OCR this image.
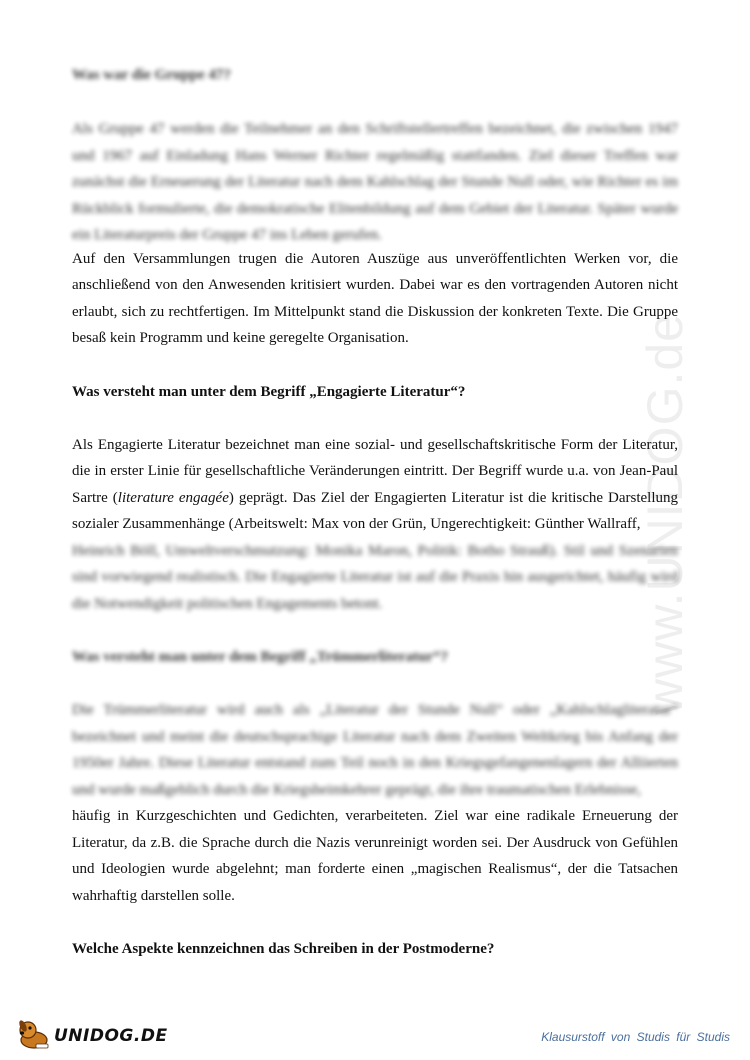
www.UNIDOG.de

Was war die Gruppe 47?

Als Gruppe 47 werden die Teilnehmer an den Schriftstellertreffen bezeichnet, die zwischen 1947 und 1967 auf Einladung Hans Werner Richter regelmäßig stattfanden. Ziel dieser Treffen war zunächst die Erneuerung der Literatur nach dem Kahlschlag der Stunde Null oder, wie Richter es im Rückblick formulierte, die demokratische Elitenbildung auf dem Gebiet der Literatur. Später wurde ein Literaturpreis der Gruppe 47 ins Leben gerufen.

Auf den Versammlungen trugen die Autoren Auszüge aus unveröffentlichten Werken vor, die anschließend von den Anwesenden kritisiert wurden. Dabei war es den vortragenden Autoren nicht erlaubt, sich zu rechtfertigen. Im Mittelpunkt stand die Diskussion der konkreten Texte. Die Gruppe besaß kein Programm und keine geregelte Organisation.

Was versteht man unter dem Begriff „Engagierte Literatur“?

Als Engagierte Literatur bezeichnet man eine sozial- und gesellschaftskritische Form der Literatur, die in erster Linie für gesellschaftliche Veränderungen eintritt. Der Begriff wurde u.a. von Jean-Paul Sartre (literature engagée) geprägt. Das Ziel der Engagierten Literatur ist die kritische Darstellung sozialer Zusammenhänge (Arbeitswelt: Max von der Grün, Ungerechtigkeit: Günther Wallraff,

Heinrich Böll, Umweltverschmutzung: Monika Maron, Politik: Botho Strauß). Stil und Szenarien sind vorwiegend realistisch. Die Engagierte Literatur ist auf die Praxis hin ausgerichtet, häufig wird die Notwendigkeit politischen Engagements betont.

Was versteht man unter dem Begriff „Trümmerliteratur“?

Die Trümmerliteratur wird auch als „Literatur der Stunde Null“ oder „Kahlschlagliteratur“ bezeichnet und meint die deutschsprachige Literatur nach dem Zweiten Weltkrieg bis Anfang der 1950er Jahre. Diese Literatur entstand zum Teil noch in den Kriegsgefangenenlagern der Alliierten und wurde maßgeblich durch die Kriegsheimkehrer geprägt, die ihre traumatischen Erlebnisse,

häufig in Kurzgeschichten und Gedichten, verarbeiteten. Ziel war eine radikale Erneuerung der Literatur, da z.B. die Sprache durch die Nazis verunreinigt worden sei. Der Ausdruck von Gefühlen und Ideologien wurde abgelehnt; man forderte einen „magischen Realismus“, der die Tatsachen wahrhaftig darstellen solle.

Welche Aspekte kennzeichnen das Schreiben in der Postmoderne?

UNIDOG.DE	Klausurstoff von Studis für Studis
